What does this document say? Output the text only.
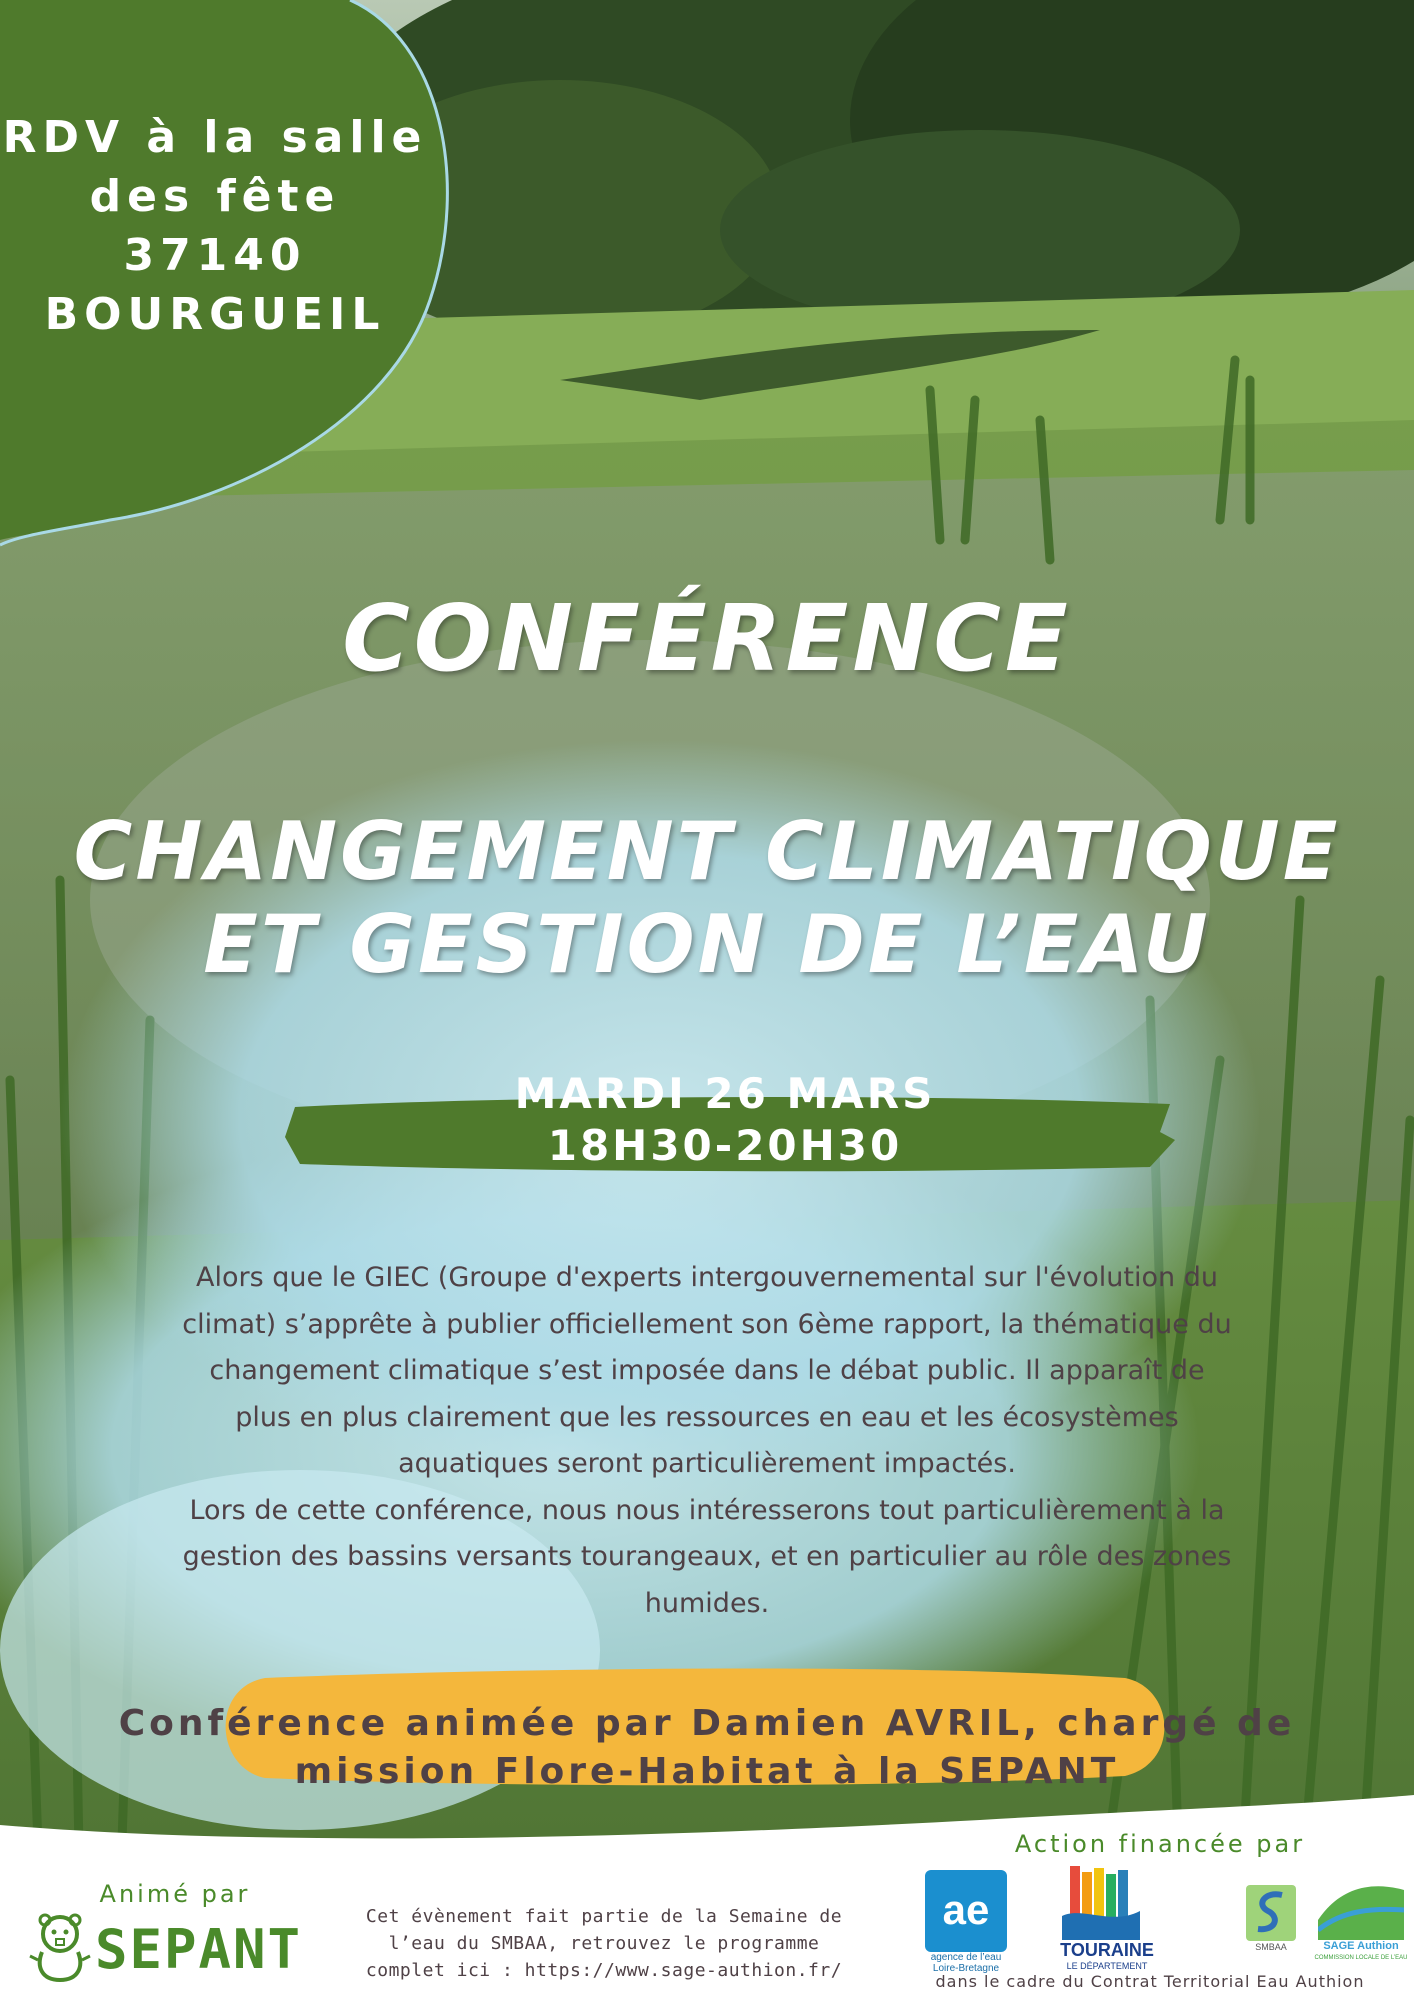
RDV à la salle
des fête
37140
BOURGUEIL
CONFÉRENCE
CHANGEMENT CLIMATIQUE
ET GESTION DE L’EAU
MARDI 26 MARS
18H30-20H30
Alors que le GIEC (Groupe d'experts intergouvernemental sur l'évolution du
climat) s’apprête à publier officiellement son 6ème rapport, la thématique du
changement climatique s’est imposée dans le débat public. Il apparaît de
plus en plus clairement que les ressources en eau et les écosystèmes
aquatiques seront particulièrement impactés.
Lors de cette conférence, nous nous intéresserons tout particulièrement à la
gestion des bassins versants tourangeaux, et en particulier au rôle des zones
humides.
Conférence animée par Damien AVRIL, chargé de
mission Flore-Habitat à la SEPANT
Action financée par
Animé par
SEPANT
Cet évènement fait partie de la Semaine de
l’eau du SMBAA, retrouvez le programme
complet ici : https://www.sage-authion.fr/
ae
agence de l’eau
Loire-Bretagne
TOURAINE
LE DÉPARTEMENT
SMBAA	SAGE Authion
COMMISSION LOCALE DE L’EAU
dans le cadre du Contrat Territorial Eau Authion
